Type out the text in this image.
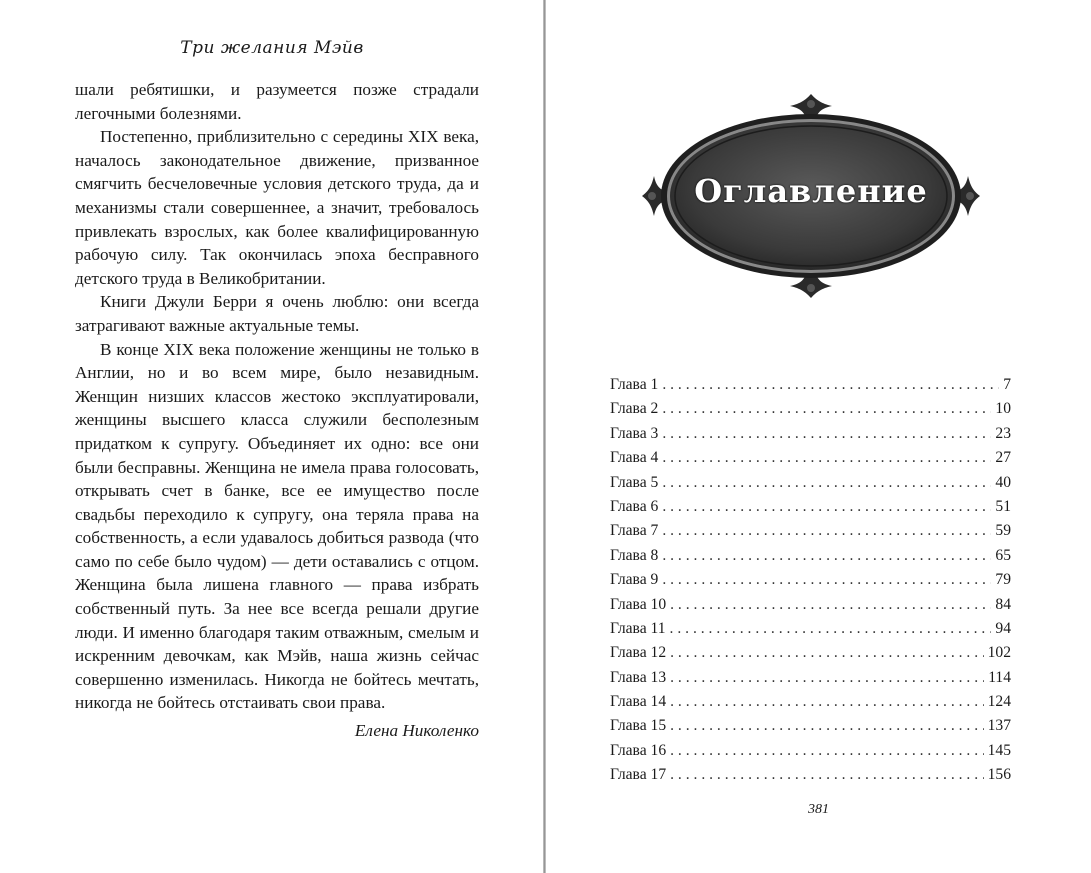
Три желания Мэйв

шали ребятишки, и разумеется позже страдали легочными болезнями.

Постепенно, приблизительно с середины XIX века, началось законодательное движение, призванное смягчить бесчеловечные условия детского труда, да и механизмы стали совершеннее, а значит, требовалось привлекать взрослых, как более квалифицированную рабочую силу. Так окончилась эпоха бесправного детского труда в Великобритании.

Книги Джули Берри я очень люблю: они всегда затрагивают важные актуальные темы.

В конце XIX века положение женщины не только в Англии, но и во всем мире, было незавидным. Женщин низших классов жестоко эксплуатировали, женщины высшего класса служили бесполезным придатком к супругу. Объединяет их одно: все они были бесправны. Женщина не имела права голосовать, открывать счет в банке, все ее имущество после свадьбы переходило к супругу, она теряла права на собственность, а если удавалось добиться развода (что само по себе было чудом) — дети оставались с отцом. Женщина была лишена главного — права избрать собственный путь. За нее все всегда решали другие люди. И именно благодаря таким отважным, смелым и искренним девочкам, как Мэйв, наша жизнь сейчас совершенно изменилась. Никогда не бойтесь мечтать, никогда не бойтесь отстаивать свои права.

Елена Николенко

Оглавление
Глава 1 . . .	7
Глава 2 . . .	10
Глава 3 . . .	23
Глава 4 . . .	27
Глава 5 . . .	40
Глава 6 . . .	51
Глава 7 . . .	59
Глава 8 . . .	65
Глава 9 . . .	79
Глава 10 . . .	84
Глава 11 . . .	94
Глава 12 . . .	102
Глава 13 . . .	114
Глава 14 . . .	124
Глава 15 . . .	137
Глава 16 . . .	145
Глава 17 . . .	156
381
